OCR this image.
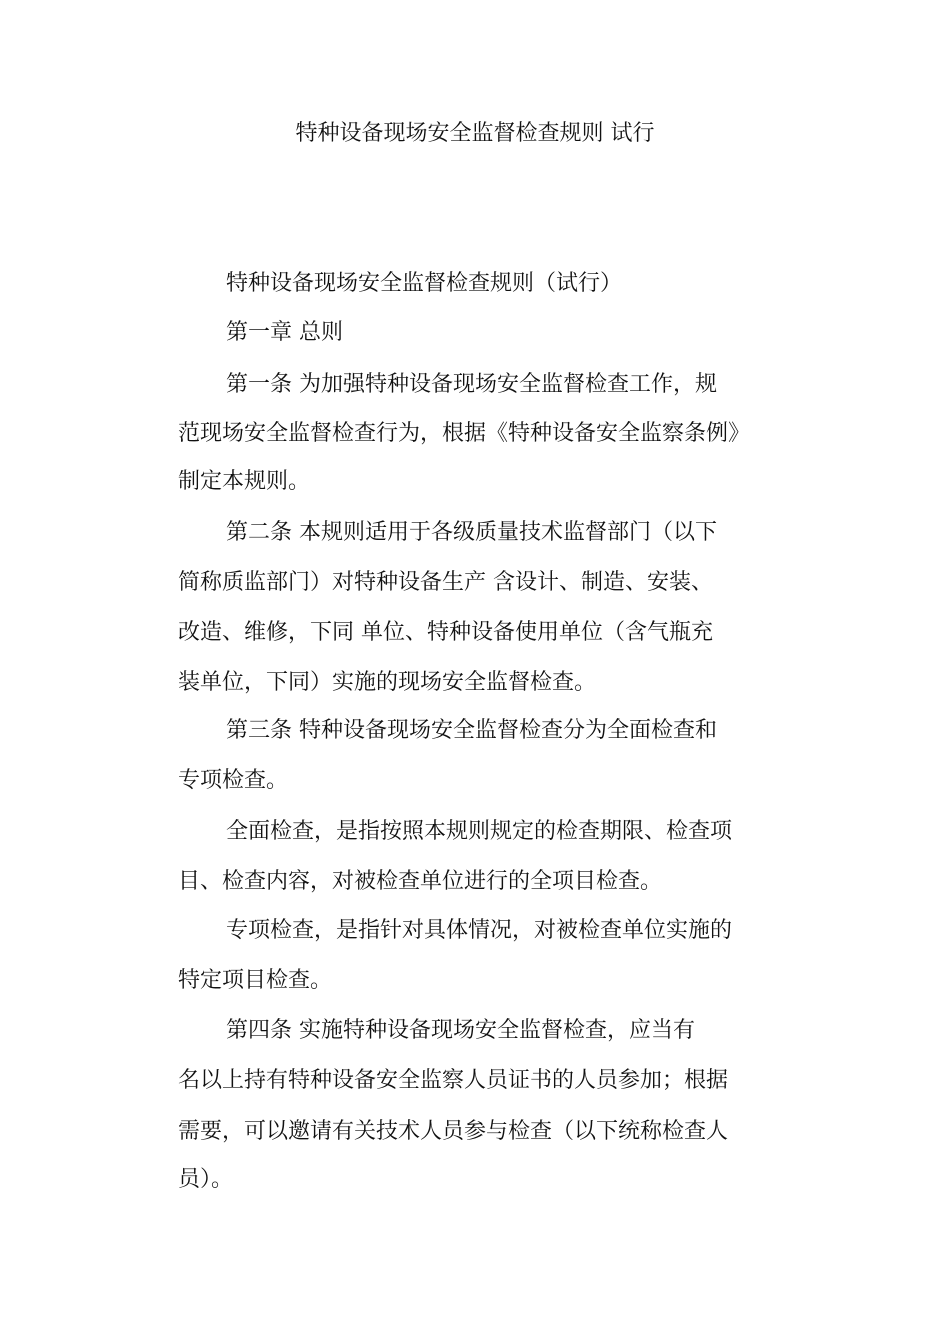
特种设备现场安全监督检查规则 试行
特种设备现场安全监督检查规则（试行）
第一章 总则
第一条 为加强特种设备现场安全监督检查工作，规
范现场安全监督检查行为，根据《特种设备安全监察条例》
制定本规则。
第二条 本规则适用于各级质量技术监督部门（以下
简称质监部门）对特种设备生产 含设计、制造、安装、
改造、维修，下同 单位、特种设备使用单位（含气瓶充
装单位，下同）实施的现场安全监督检查。
第三条 特种设备现场安全监督检查分为全面检查和
专项检查。
全面检查，是指按照本规则规定的检查期限、检查项
目、检查内容，对被检查单位进行的全项目检查。
专项检查，是指针对具体情况，对被检查单位实施的
特定项目检查。
第四条 实施特种设备现场安全监督检查，应当有
名以上持有特种设备安全监察人员证书的人员参加；根据
需要，可以邀请有关技术人员参与检查（以下统称检查人
员）。
